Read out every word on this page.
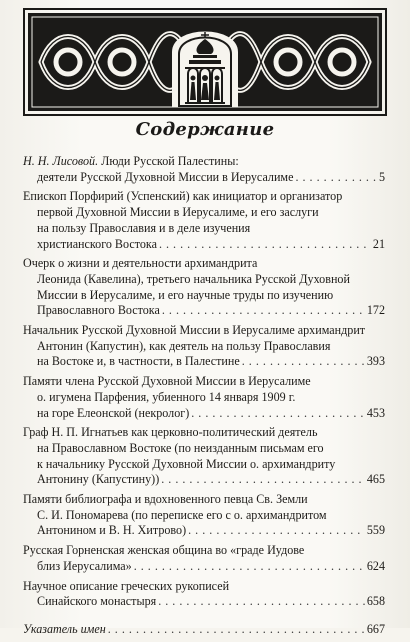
Содержание
Н. Н. Лисовой. Люди Русской Палестины:
деятели Русской Духовной Миссии в Иерусалиме . . .	5
Епископ Порфирий (Успенский) как инициатор и организатор
первой Духовной Миссии в Иерусалиме, и его заслуги
на пользу Православия и в деле изучения
христианского Востока . . .	21
Очерк о жизни и деятельности архимандрита
Леонида (Кавелина), третьего начальника Русской Духовной
Миссии в Иерусалиме, и его научные труды по изучению
Православного Востока . . .	172
Начальник Русской Духовной Миссии в Иерусалиме архимандрит
Антонин (Капустин), как деятель на пользу Православия
на Востоке и, в частности, в Палестине . . .	393
Памяти члена Русской Духовной Миссии в Иерусалиме
о. игумена Парфения, убиенного 14 января 1909 г.
на горе Елеонской (некролог) . . .	453
Граф Н. П. Игнатьев как церковно-политический деятель
на Православном Востоке (по неизданным письмам его
к начальнику Русской Духовной Миссии о. архимандриту
Антонину (Капустину)) . . .	465
Памяти библиографа и вдохновенного певца Св. Земли
С. И. Пономарева (по переписке его с о. архимандритом
Антонином и В. Н. Хитрово) . . .	559
Русская Горненская женская община во «граде Иудове
близ Иерусалима» . . .	624
Научное описание греческих рукописей
Синайского монастыря . . .	658
Указатель имен . . .	667
